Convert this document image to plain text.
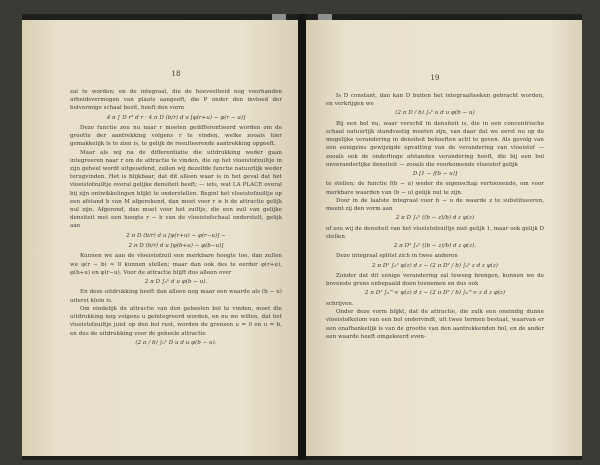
18

zal te worden; en de integraal, die de hoeveelheid nog voorhanden arbeidsvermogen van plaats aangeeft, die P onder den invloed der bolvormige schaal bezit, heeft den vorm

4 π ∫ D r² d r · 4 π D (b/r) d u [φ(r+u) − φ(r − u)]

Deze functie zou nu naar r moeten gedifferentieerd worden om de grootte der aantrekking volgens r te vinden, welke zooals hier gemakkelijk is te zien is, te gelijk de resulteerende aantrekking opgeeft.

Maar als wij na de differentiatie die uitdrukking weder gaan integreeren naar r om de attractie te vinden, die op het vloeistofzuiltje in zijn geheel wordt uitgeoefend, zullen wij dezelfde functie natuurlijk weder terugvinden. Het is blijkbaar, dat dit alleen waar is in het geval dat het vloeistofzuiltje overal gelijke densiteit heeft; — iets, wat LA PLACE overal bij zijn ontwikkelingen blijkt te onderstellen. Beginl het vloeistofzuiltje op een afstand b van M afgerekend, dan moet voor r ≥ b de attractie gelijk nul zijn. Afgerond, dan moet voor het zuiltje, die een zuil van gelijke densiteit met een hoogte r − b van de vloeistofschaal onderstelt, gelijk aan

2 π D (b/r) d u [φ(r+u) − φ(r−u)] −
2 π D (b/r) d u [φ(b+u) − φ(b−u)]

Kunnen we aan de vloeistofzuil een merkbare hoogte toe, dan zullen we φ(r − b) ≈ 0 kunnen stellen; maar dan ook des te eerder φ(r+u), φ(b+u) en φ(r−u). Voor de attractie blijft dus alleen over

2 π D ∫₀ᵇ d u φ(b − u).

En deze uitdrukking heeft dan alleen nog maar een waarde als (b − u) uiterst klein is.

Om eindelijk de attractie van den geheelen bol te vinden, moet die uitdrukking nog volgens u geïntegreerd worden, en nu we willen, dat het vloeistofzuiltje juist op den bol rust, worden de grenzen u = 0 en u = b, en dus de uitdrukking voor de geheele attractie

(2 π / b) ∫₀ᵇ D u d u φ(b − u).
19

Is D constant, dan kan D buiten het integraalteeken gebracht worden, en verkrijgen we

(2 π D / b) ∫₀ᵇ u d u φ(b − u)

Bij een bol nu, waar verschil in densiteit is, die in een concentrische schaal natuurlijk standvastig moeten zijn, van daar dat we eerst nu op de mogelijke verandering in densiteit behoeften acht te geven. Als gevolg van een eenigzins gewijzigde opvatting van de verandering van vloeistof — zooals ook de onderlinge afstanden verandering heeft, die bij een bol onveranderlijke densiteit — zooals die voorkomende vloeistof gelijk

D [1 − f(b − u)]

te stellen; de functie f(b − u) weder de eigenschap vertoonende, om voor merkbare waarden van (b − u) gelijk nul te zijn.

Door in de laatste integraal voor b − u de waarde z te substitueeren, meent zij den vorm aan

2 π D ∫₀ᵇ ((b − z)/b) d z φ(z)

of zou wij de densiteit van het vloeistofzuiltje niet gelijk 1, maar ook gelijk D stellen

2 π D² ∫₀ᵇ ((b − z)/b) d z φ(z).

Deze integraal splitst zich in twee anderen

2 π D² ∫₀ᵇ φ(z) d z − (2 π D² / b) ∫₀ᵇ z d z φ(z)

Zonder dat dit eenige verandering zal teweeg brengen, kunnen we de bovenste grens onbepaald doen toenemen en dus ook

2 π D² ∫₀^∞ φ(z) d z − (2 π D² / b) ∫₀^∞ z d z φ(z)

schrijven.

Onder deze vorm blijkt, dat de attractie, die zulk een oneindig dunne vloeistofkolom van een bol ondervindt, uit twee termen bestaat, waarvan er een onafhankelijk is van de grootte van den aantrekkenden bol, en de ander een waarde heeft omgekeerd even-
